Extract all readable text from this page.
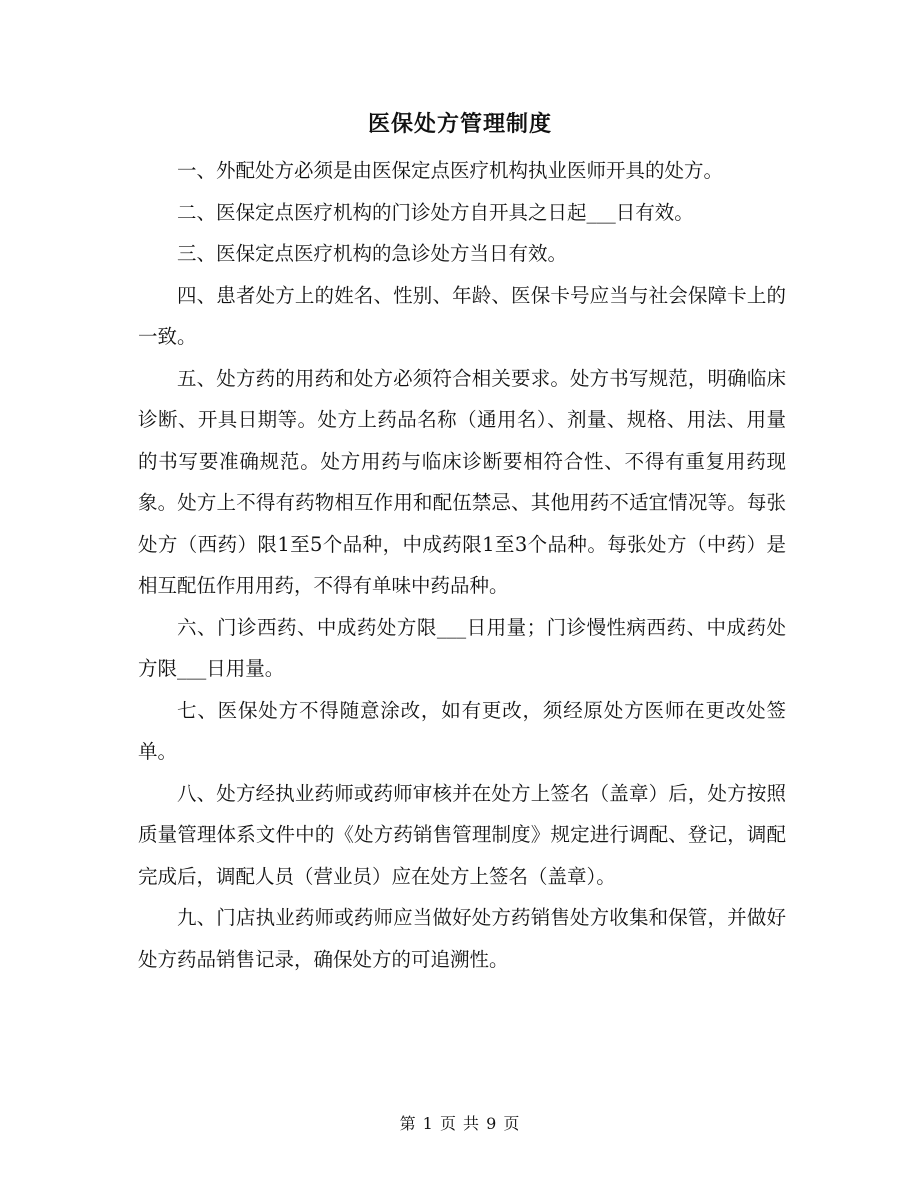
医保处方管理制度

一、外配处方必须是由医保定点医疗机构执业医师开具的处方。

二、医保定点医疗机构的门诊处方自开具之日起___日有效。

三、医保定点医疗机构的急诊处方当日有效。

四、患者处方上的姓名、性别、年龄、医保卡号应当与社会保障卡上的一致。

五、处方药的用药和处方必须符合相关要求。处方书写规范，明确临床诊断、开具日期等。处方上药品名称（通用名）、剂量、规格、用法、用量的书写要准确规范。处方用药与临床诊断要相符合性、不得有重复用药现象。处方上不得有药物相互作用和配伍禁忌、其他用药不适宜情况等。每张处方（西药）限1至5个品种，中成药限1至3个品种。每张处方（中药）是相互配伍作用用药，不得有单味中药品种。

六、门诊西药、中成药处方限___日用量；门诊慢性病西药、中成药处方限___日用量。

七、医保处方不得随意涂改，如有更改，须经原处方医师在更改处签单。

八、处方经执业药师或药师审核并在处方上签名（盖章）后，处方按照质量管理体系文件中的《处方药销售管理制度》规定进行调配、登记，调配完成后，调配人员（营业员）应在处方上签名（盖章）。

九、门店执业药师或药师应当做好处方药销售处方收集和保管，并做好处方药品销售记录，确保处方的可追溯性。

第 1 页 共 9 页
